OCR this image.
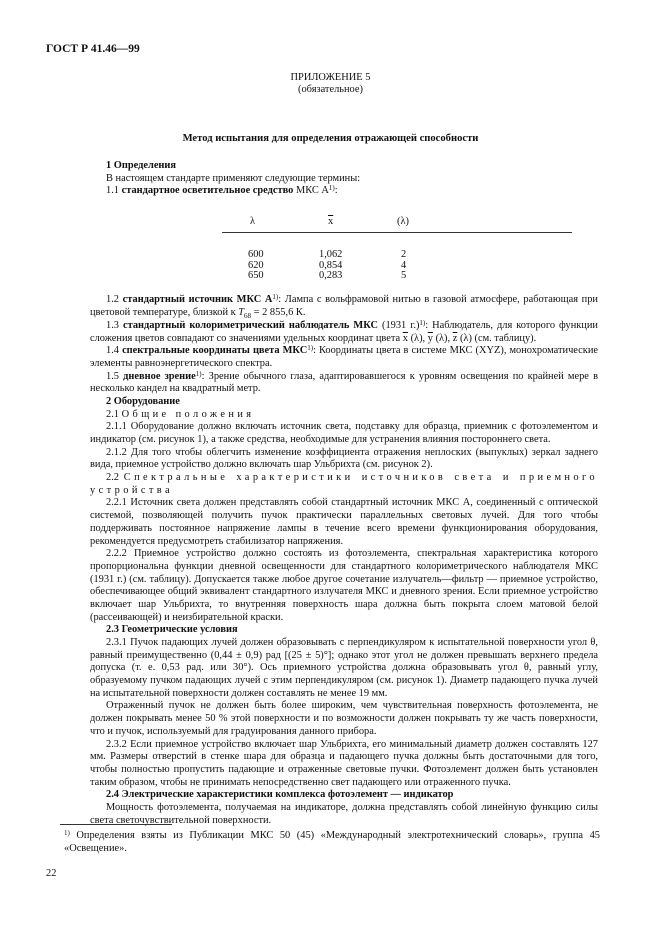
ГОСТ Р 41.46—99
ПРИЛОЖЕНИЕ 5
(обязательное)
Метод испытания для определения отражающей способности

1 Определения

В настоящем стандарте применяют следующие термины:

1.1 стандартное осветительное средство МКС $А^{1)}$:

λ	$\overline{x}$	(λ)
600
620
650
1,062
0,854
0,283
2
4
5

1.2 стандартный источник МКС $А^{1)}$: Лампа с вольфрамовой нитью в газовой атмосфере, работающая при цветовой температуре, близкой к $T_{68} = 2$ 855,6 К.

1.3 стандартный колориметрический наблюдатель МКС (1931 г.)$^{1)}$: Наблюдатель, для которого функции сложения цветов совпадают со значениями удельных координат цвета $\overline{x}$ (λ), $\overline{y}$ (λ), $\overline{z}$ (λ) (см. таблицу).

1.4 спектральные координаты цвета МКС$^{1)}$: Координаты цвета в системе МКС (XYZ), монохроматические элементы равноэнергетического спектра.

1.5 дневное зрение$^{1)}$: Зрение обычного глаза, адаптировавшегося к уровням освещения по крайней мере в несколько кандел на квадратный метр.

2 Оборудование

2.1 Общие положения

2.1.1 Оборудование должно включать источник света, подставку для образца, приемник с фотоэлементом и индикатор (см. рисунок 1), а также средства, необходимые для устранения влияния постороннего света.

2.1.2 Для того чтобы облегчить изменение коэффициента отражения неплоских (выпуклых) зеркал заднего вида, приемное устройство должно включать шар Ульбрихта (см. рисунок 2).

2.2 Спектральные характеристики источников света и приемного устройства

2.2.1 Источник света должен представлять собой стандартный источник МКС А, соединенный с оптической системой, позволяющей получить пучок практически параллельных световых лучей. Для того чтобы поддерживать постоянное напряжение лампы в течение всего времени функционирования оборудования, рекомендуется предусмотреть стабилизатор напряжения.

2.2.2 Приемное устройство должно состоять из фотоэлемента, спектральная характеристика которого пропорциональна функции дневной освещенности для стандартного колориметрического наблюдателя МКС (1931 г.) (см. таблицу). Допускается также любое другое сочетание излучатель—фильтр — приемное устройство, обеспечивающее общий эквивалент стандартного излучателя МКС и дневного зрения. Если приемное устройство включает шар Ульбрихта, то внутренняя поверхность шара должна быть покрыта слоем матовой белой (рассеивающей) и неизбирательной краски.

2.3 Геометрические условия

2.3.1 Пучок падающих лучей должен образовывать с перпендикуляром к испытательной поверхности угол θ, равный преимущественно (0,44 ± 0,9) рад [(25 ± 5)°]; однако этот угол не должен превышать верхнего предела допуска (т. е. 0,53 рад. или 30°). Ось приемного устройства должна образовывать угол θ, равный углу, образуемому пучком падающих лучей с этим перпендикуляром (см. рисунок 1). Диаметр падающего пучка лучей на испытательной поверхности должен составлять не менее 19 мм.

Отраженный пучок не должен быть более широким, чем чувствительная поверхность фотоэлемента, не должен покрывать менее 50 % этой поверхности и по возможности должен покрывать ту же часть поверхности, что и пучок, используемый для градуирования данного прибора.

2.3.2 Если приемное устройство включает шар Ульбрихта, его минимальный диаметр должен составлять 127 мм. Размеры отверстий в стенке шара для образца и падающего пучка должны быть достаточными для того, чтобы полностью пропустить падающие и отраженные световые пучки. Фотоэлемент должен быть установлен таким образом, чтобы не принимать непосредственно свет падающего или отраженного пучка.

2.4 Электрические характеристики комплекса фотоэлемент — индикатор

Мощность фотоэлемента, получаемая на индикаторе, должна представлять собой линейную функцию силы света светочувствительной поверхности.

$^{1)}$ Определения взяты из Публикации МКС 50 (45) «Международный электротехнический словарь», группа 45 «Освещение».
22
